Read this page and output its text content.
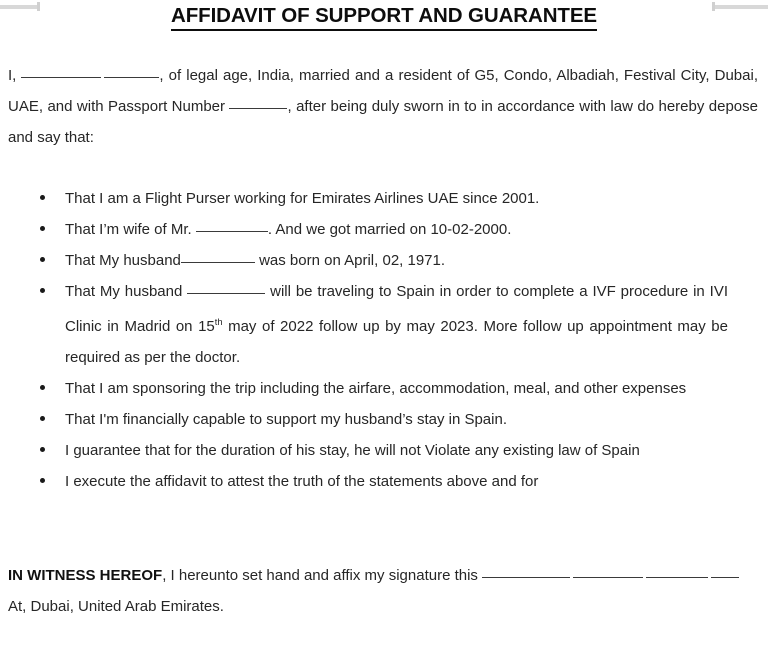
AFFIDAVIT OF SUPPORT AND GUARANTEE

I,	, of legal age, India, married and a resident of G5, Condo, Albadiah, Festival City, Dubai, UAE, and with Passport Number	, after being duly sworn in to in accordance with law do hereby depose and say that:

That I am a Flight Purser working for Emirates Airlines UAE since 2001.
That I’m wife of Mr.	. And we got married on 10-02-2000.
That My husband	was born on April, 02, 1971.
That My husband	will be traveling to Spain in order to complete a IVF procedure in IVI Clinic in Madrid on 15th may of 2022 follow up by may 2023. More follow up appointment may be required as per the doctor.
That I am sponsoring the trip including the airfare, accommodation, meal, and other expenses
That I'm financially capable to support my husband’s stay in Spain.
I guarantee that for the duration of his stay, he will not Violate any existing law of Spain
I execute the affidavit to attest the truth of the statements above and for

IN WITNESS HEREOF, I hereunto set hand and affix my signature this

At, Dubai, United Arab Emirates.
